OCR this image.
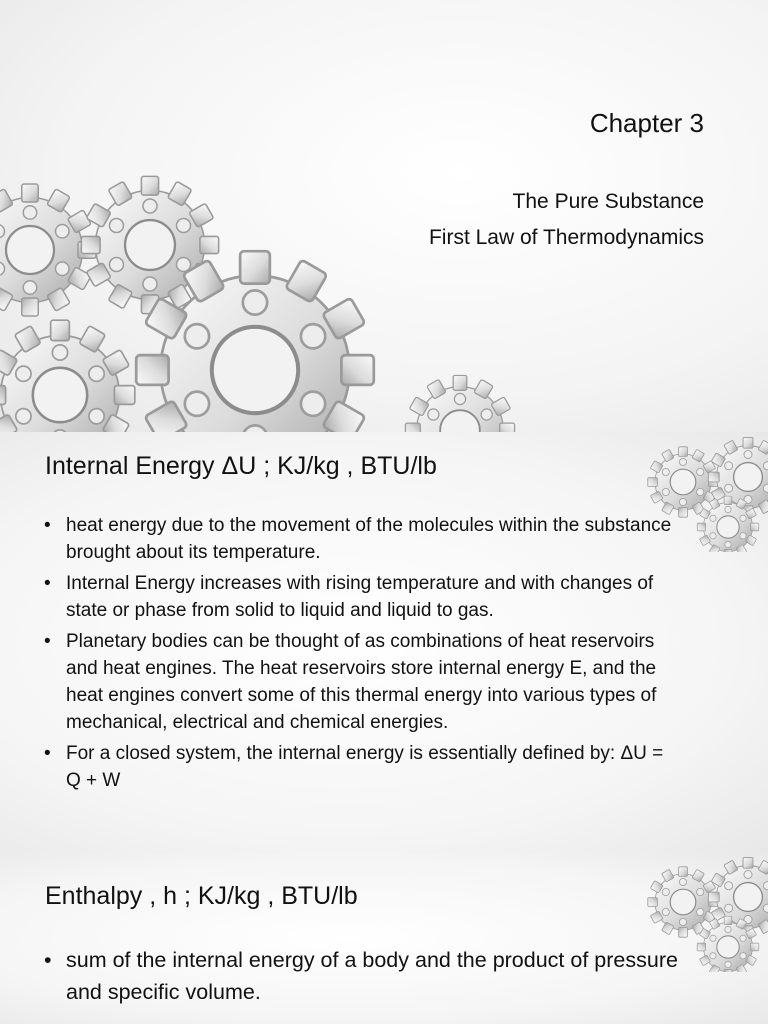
Chapter 3
The Pure Substance
First Law of Thermodynamics
Internal Energy ΔU ; KJ/kg , BTU/lb
• heat energy due to the movement of the molecules within the substance brought about its temperature.
• Internal Energy increases with rising temperature and with changes of state or phase from solid to liquid and liquid to gas.
• Planetary bodies can be thought of as combinations of heat reservoirs and heat engines. The heat reservoirs store internal energy E, and the heat engines convert some of this thermal energy into various types of mechanical, electrical and chemical energies.
• For a closed system, the internal energy is essentially defined by: ΔU = Q + W
Enthalpy , h ; KJ/kg , BTU/lb
• sum of the internal energy of a body and the product of pressure and specific volume.
